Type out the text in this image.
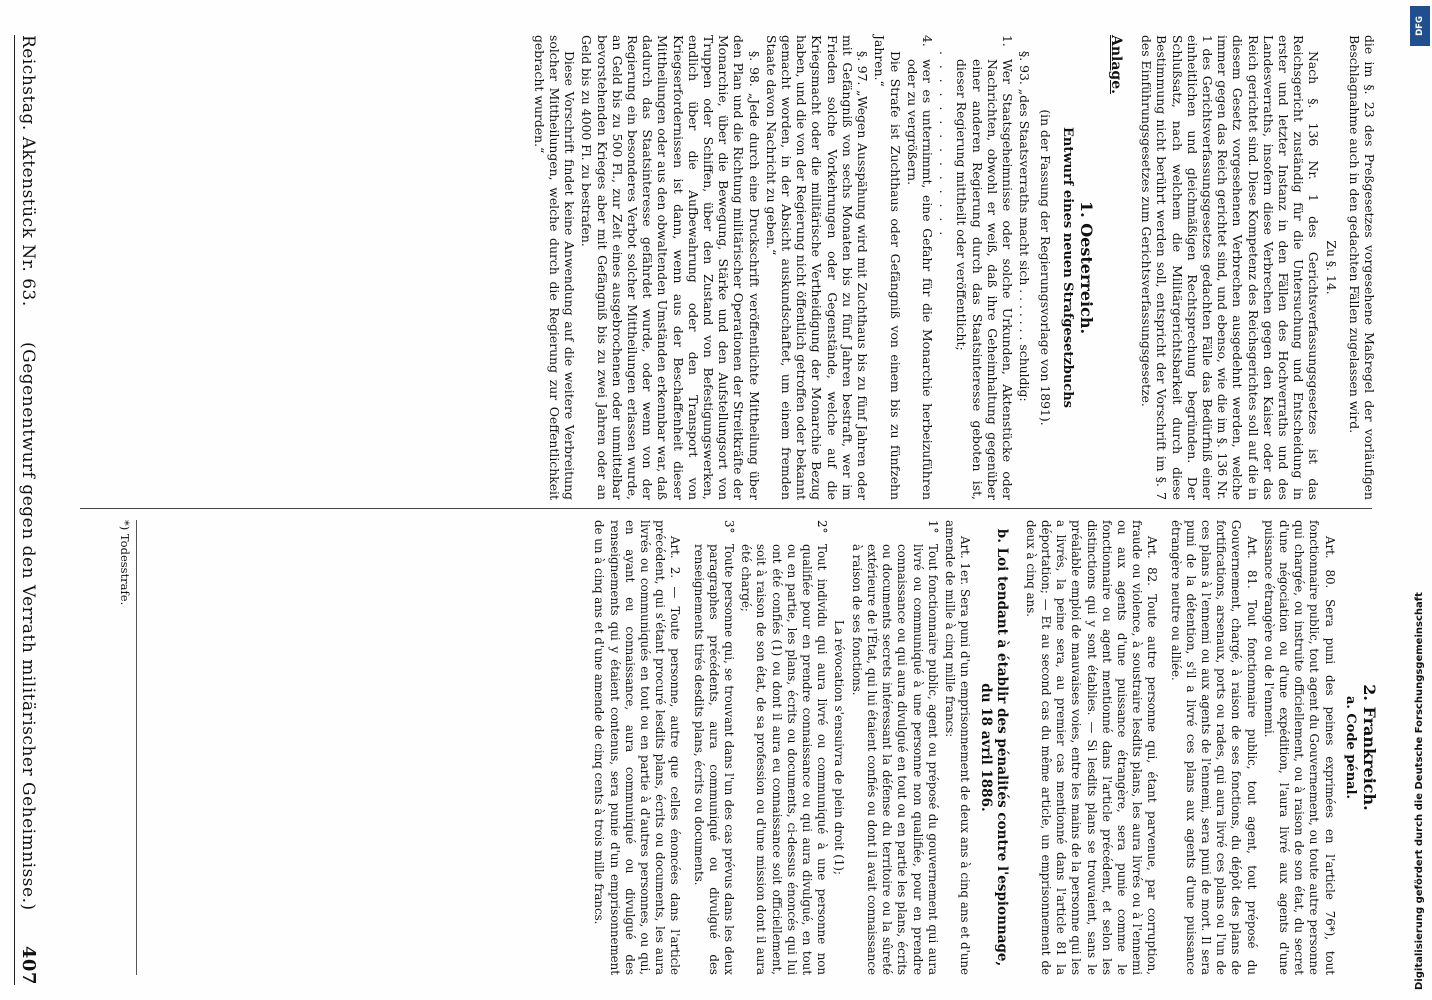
Reichstag. Aktenstück Nr. 63.
(Gegenentwurf gegen den Verrath militärischer Geheimnisse.)
407

die im §. 23 des Preßgesetzes vorgesehene Maßregel der vorläufigen Beschlagnahme auch in den gedachten Fällen zugelassen wird.

Zu §. 14.

Nach §. 136 Nr. 1 des Gerichtsverfassungsgesetzes ist das Reichsgericht zuständig für die Untersuchung und Entscheidung in erster und letzter Instanz in den Fällen des Hochverraths und des Landesverraths, insofern diese Verbrechen gegen den Kaiser oder das Reich gerichtet sind. Diese Kompetenz des Reichsgerichtes soll auf die in diesem Gesetz vorgesehenen Verbrechen ausgedehnt werden, welche immer gegen das Reich gerichtet sind, und ebenso, wie die im §. 136 Nr. 1 des Gerichtsverfassungsgesetzes gedachten Fälle das Bedürfniß einer einheitlichen und gleichmäßigen Rechtsprechung begründen. Der Schlußsatz, nach welchem die Militärgerichtsbarkeit durch diese Bestimmung nicht berührt werden soll, entspricht der Vorschrift im §. 7 des Einführungsgesetzes zum Gerichtsverfassungsgesetze.

Anlage.
1. Oesterreich.
Entwurf eines neuen Strafgesetzbuchs

(in der Fassung der Regierungsvorlage von 1891).

§. 93. „des Staatsverraths macht sich . . . . . . . schuldig:

1.
Wer Staatsgeheimnisse oder solche Urkunden, Aktenstücke oder Nachrichten, obwohl er weiß, daß ihre Geheimhaltung gegenüber einer anderen Regierung durch das Staatsinteresse geboten ist, dieser Regierung mittheilt oder veröffentlicht;

. . . . . . . . . . . . . .

4.
wer es unternimmt, eine Gefahr für die Monarchie herbeizuführen oder zu vergrößern.

Die Strafe ist Zuchthaus oder Gefängniß von einem bis zu fünfzehn Jahren.“

§. 97. „Wegen Ausspähung wird mit Zuchthaus bis zu fünf Jahren oder mit Gefängniß von sechs Monaten bis zu fünf Jahren bestraft, wer im Frieden solche Vorkehrungen oder Gegenstände, welche auf die Kriegsmacht oder die militärische Vertheidigung der Monarchie Bezug haben, und die von der Regierung nicht öffentlich getroffen oder bekannt gemacht worden, in der Absicht auskundschaftet, um einem fremden Staate davon Nachricht zu geben.“

§. 98. „Jede durch eine Druckschrift veröffentlichte Mittheilung über den Plan und die Richtung militärischer Operationen der Streitkräfte der Monarchie, über die Bewegung, Stärke und den Aufstellungsort von Truppen oder Schiffen, über den Zustand von Befestigungswerken, endlich über die Aufbewahrung oder den Transport von Kriegserfordernissen ist dann, wenn aus der Beschaffenheit dieser Mittheilungen oder aus den obwaltenden Umständen erkennbar war, daß dadurch das Staatsinteresse gefährdet wurde, oder wenn von der Regierung ein besonderes Verbot solcher Mittheilungen erlassen wurde, an Geld bis zu 500 Fl., zur Zeit eines ausgebrochenen oder unmittelbar bevorstehenden Krieges aber mit Gefängniß bis zu zwei Jahren oder an Geld bis zu 4000 Fl. zu bestrafen.

Diese Vorschrift findet keine Anwendung auf die weitere Verbreitung solcher Mittheilungen, welche durch die Regierung zur Oeffentlichkeit gebracht wurden.“

2. Frankreich.
a. Code pénal.

Art. 80. Sera puni des peines exprimées en l'article 76*), tout fonctionnaire public, tout agent du Gouvernement, ou toute autre personne qui chargée, ou instruite officiellement, ou à raison de son état, du secret d'une négociation ou d'une expédition, l'aura livré aux agents d'une puissance étrangère ou de l'ennemi.

Art. 81. Tout fonctionnaire public, tout agent, tout préposé du Gouvernement, chargé, à raison de ses fonctions, du dépôt des plans de fortifications, arsenaux, ports ou rades, qui aura livré ces plans ou l'un de ces plans à l'ennemi ou aux agents de l'ennemi, sera puni de mort. Il sera puni de la détention, s'il a livré ces plans aux agents d'une puissance étrangère neutre ou alliée.

Art. 82. Toute autre personne qui, étant parvenue, par corruption, fraude ou violence, à soustraire lesdits plans, les aura livrés ou à l'ennemi ou aux agents d'une puissance étrangère, sera punie comme le fonctionnaire ou agent mentionné dans l'article précédent, et selon les distinctions qui y sont établies. — Si lesdits plans se trouvaient, sans le préalable emploi de mauvaises voies, entre les mains de la personne qui les a livrés, la peine sera, au premier cas mentionné dans l'article 81 la déportation; — Et au second cas du même article, un emprisonnement de deux à cinq ans.

b. Loi tendant à établir des pénalités contre l'espionnage, du 18 avril 1886.

Art. 1er. Sera puni d'un emprisonnement de deux ans à cinq ans et d'une amende de mille à cinq mille francs:

1°
Tout fonctionnaire public, agent ou préposé du gouvernement qui aura livré ou communiqué à une personne non qualifiée, pour en prendre connaissance ou qui aura divulgué en tout ou en partie les plans, écrits ou documents secrets intéressant la défense du territoire ou la sûreté extérieure de l'État, qui lui étaient confiés ou dont il avait connaissance à raison de ses fonctions.

La révocation s'ensuivra de plein droit (1);

2°
Tout individu qui aura livré ou communiqué à une personne non qualifiée pour en prendre connaissance ou qui aura divulgué, en tout ou en partie, les plans, écrits ou documents, ci-dessus énoncés qui lui ont été confiés (1) ou dont il aura eu connaissance soit officiellement, soit à raison de son état, de sa profession ou d'une mission dont il aura été chargé;
3°
Toute personne qui, se trouvant dans l'un des cas prévus dans les deux paragraphes précédents, aura communiqué ou divulgué des renseignements tirés desdits plans, écrits ou documents.

Art. 2. — Toute personne, autre que celles énoncées dans l'article précédent, qui s'étant procuré lesdits plans, écrits ou documents, les aura livrés ou communiqués en tout ou en partie à d'autres personnes, ou qui, en ayant eu connaissance, aura communiqué ou divulgué des renseignements qui y étaient contenus, sera punie d'un emprisonnement de un à cinq ans et d'une amende de cinq cents à trois mille francs.

*) Todesstrafe.
DFG
Digitalisierung gefördert durch die Deutsche Forschungsgemeinschaft
